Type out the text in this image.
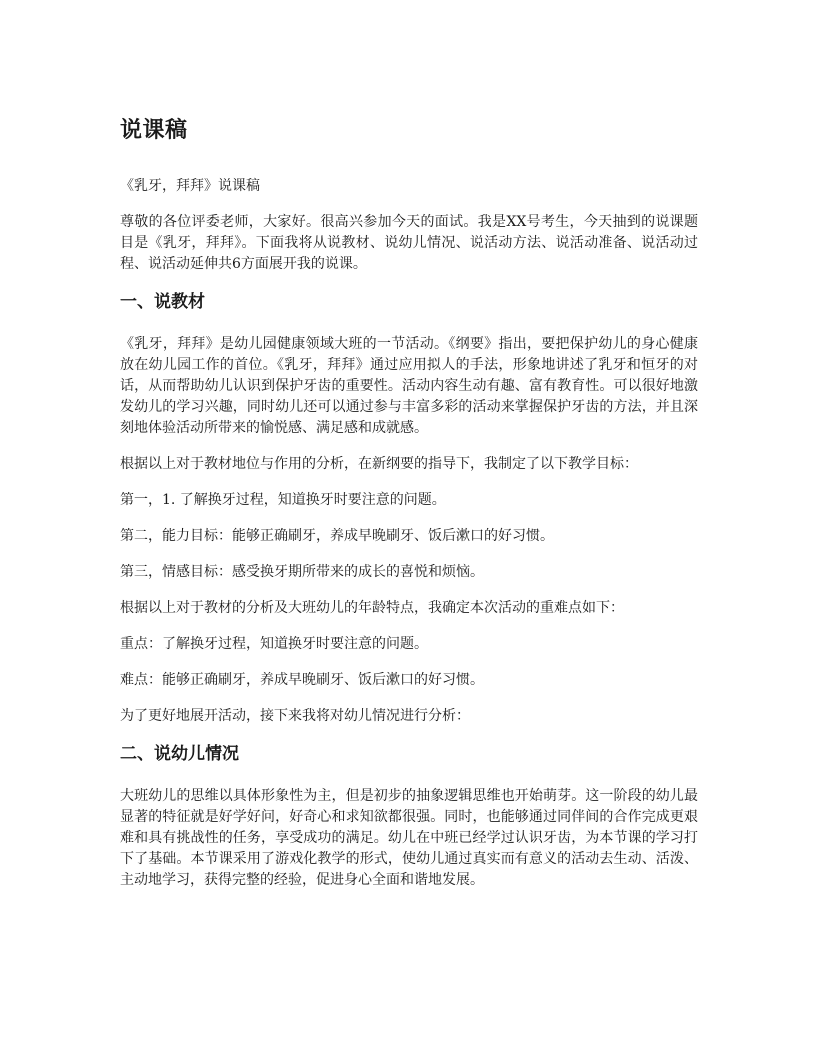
说课稿

《乳牙，拜拜》说课稿

尊敬的各位评委老师，大家好。很高兴参加今天的面试。我是XX号考生，今天抽到的说课题目是《乳牙，拜拜》。下面我将从说教材、说幼儿情况、说活动方法、说活动准备、说活动过程、说活动延伸共6方面展开我的说课。

一、说教材

《乳牙，拜拜》是幼儿园健康领域大班的一节活动。《纲要》指出，要把保护幼儿的身心健康放在幼儿园工作的首位。《乳牙，拜拜》通过应用拟人的手法，形象地讲述了乳牙和恒牙的对话，从而帮助幼儿认识到保护牙齿的重要性。活动内容生动有趣、富有教育性。可以很好地激发幼儿的学习兴趣，同时幼儿还可以通过参与丰富多彩的活动来掌握保护牙齿的方法，并且深刻地体验活动所带来的愉悦感、满足感和成就感。

根据以上对于教材地位与作用的分析，在新纲要的指导下，我制定了以下教学目标：

第一，1. 了解换牙过程，知道换牙时要注意的问题。

第二，能力目标：能够正确刷牙，养成早晚刷牙、饭后漱口的好习惯。

第三，情感目标：感受换牙期所带来的成长的喜悦和烦恼。

根据以上对于教材的分析及大班幼儿的年龄特点，我确定本次活动的重难点如下：

重点：了解换牙过程，知道换牙时要注意的问题。

难点：能够正确刷牙，养成早晚刷牙、饭后漱口的好习惯。

为了更好地展开活动，接下来我将对幼儿情况进行分析：

二、说幼儿情况

大班幼儿的思维以具体形象性为主，但是初步的抽象逻辑思维也开始萌芽。这一阶段的幼儿最显著的特征就是好学好问，好奇心和求知欲都很强。同时，也能够通过同伴间的合作完成更艰难和具有挑战性的任务，享受成功的满足。幼儿在中班已经学过认识牙齿，为本节课的学习打下了基础。本节课采用了游戏化教学的形式，使幼儿通过真实而有意义的活动去生动、活泼、主动地学习，获得完整的经验，促进身心全面和谐地发展。
